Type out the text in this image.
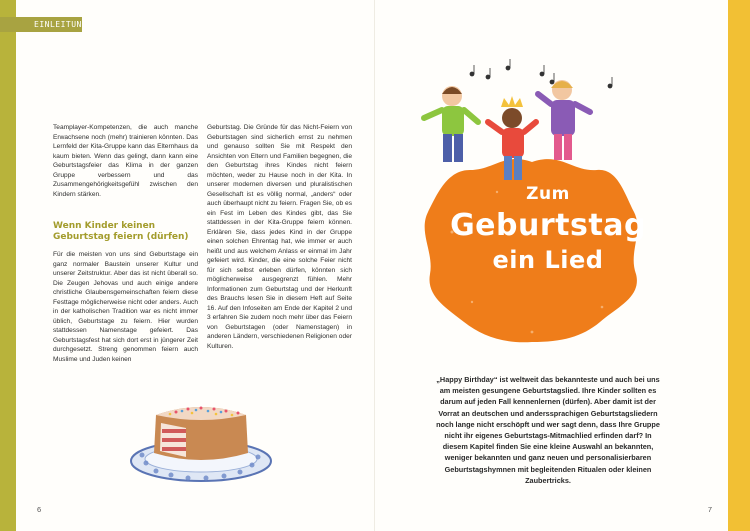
EINLEITUNG

Teamplayer-Kompetenzen, die auch manche Erwachsene noch (mehr) trainieren könnten. Das Lernfeld der Kita-Gruppe kann das Elternhaus da kaum bieten. Wenn das gelingt, dann kann eine Geburtstagsfeier das Klima in der ganzen Gruppe verbessern und das Zusammengehörigkeitsgefühl zwischen den Kindern stärken.

Wenn Kinder keinen Geburtstag feiern (dürfen)

Für die meisten von uns sind Geburtstage ein ganz normaler Baustein unserer Kultur und unserer Zeitstruktur. Aber das ist nicht überall so. Die Zeugen Jehovas und auch einige andere christliche Glaubensgemeinschaften feiern diese Festtage möglicherweise nicht oder anders. Auch in der katholischen Tradition war es nicht immer üblich, Geburtstage zu feiern. Hier wurden stattdessen Namenstage gefeiert. Das Geburtstagsfest hat sich dort erst in jüngerer Zeit durchgesetzt. Streng genommen feiern auch Muslime und Juden keinen

Geburtstag. Die Gründe für das Nicht-Feiern von Geburtstagen sind sicherlich ernst zu nehmen und genauso sollten Sie mit Respekt den Ansichten von Eltern und Familien begegnen, die den Geburtstag ihres Kindes nicht feiern möchten, weder zu Hause noch in der Kita. In unserer modernen diversen und pluralistischen Gesellschaft ist es völlig normal, „anders“ oder auch überhaupt nicht zu feiern. Fragen Sie, ob es ein Fest im Leben des Kindes gibt, das Sie stattdessen in der Kita-Gruppe feiern können. Erklären Sie, dass jedes Kind in der Gruppe einen solchen Ehrentag hat, wie immer er auch heißt und aus welchem Anlass er einmal im Jahr gefeiert wird. Kinder, die eine solche Feier nicht für sich selbst erleben dürfen, könnten sich möglicherweise ausgegrenzt fühlen. Mehr Informationen zum Geburtstag und der Herkunft des Brauchs lesen Sie in diesem Heft auf Seite 16. Auf den Infoseiten am Ende der Kapitel 2 und 3 erfahren Sie zudem noch mehr über das Feiern von Geburtstagen (oder Namenstagen) in anderen Ländern, verschiedenen Religionen oder Kulturen.

6	7
Zum
Geburtstag
ein Lied

„Happy Birthday“ ist weltweit das bekannteste und auch bei uns am meisten gesungene Geburtstagslied. Ihre Kinder sollten es darum auf jeden Fall kennenlernen (dürfen). Aber damit ist der Vorrat an deutschen und anderssprachigen Geburtstagsliedern noch lange nicht erschöpft und wer sagt denn, dass Ihre Gruppe nicht ihr eigenes Geburtstags-Mitmachlied erfinden darf? In diesem Kapitel finden Sie eine kleine Auswahl an bekannten, weniger bekannten und ganz neuen und personalisierbaren Geburtstagshymnen mit begleitenden Ritualen oder kleinen Zaubertricks.
